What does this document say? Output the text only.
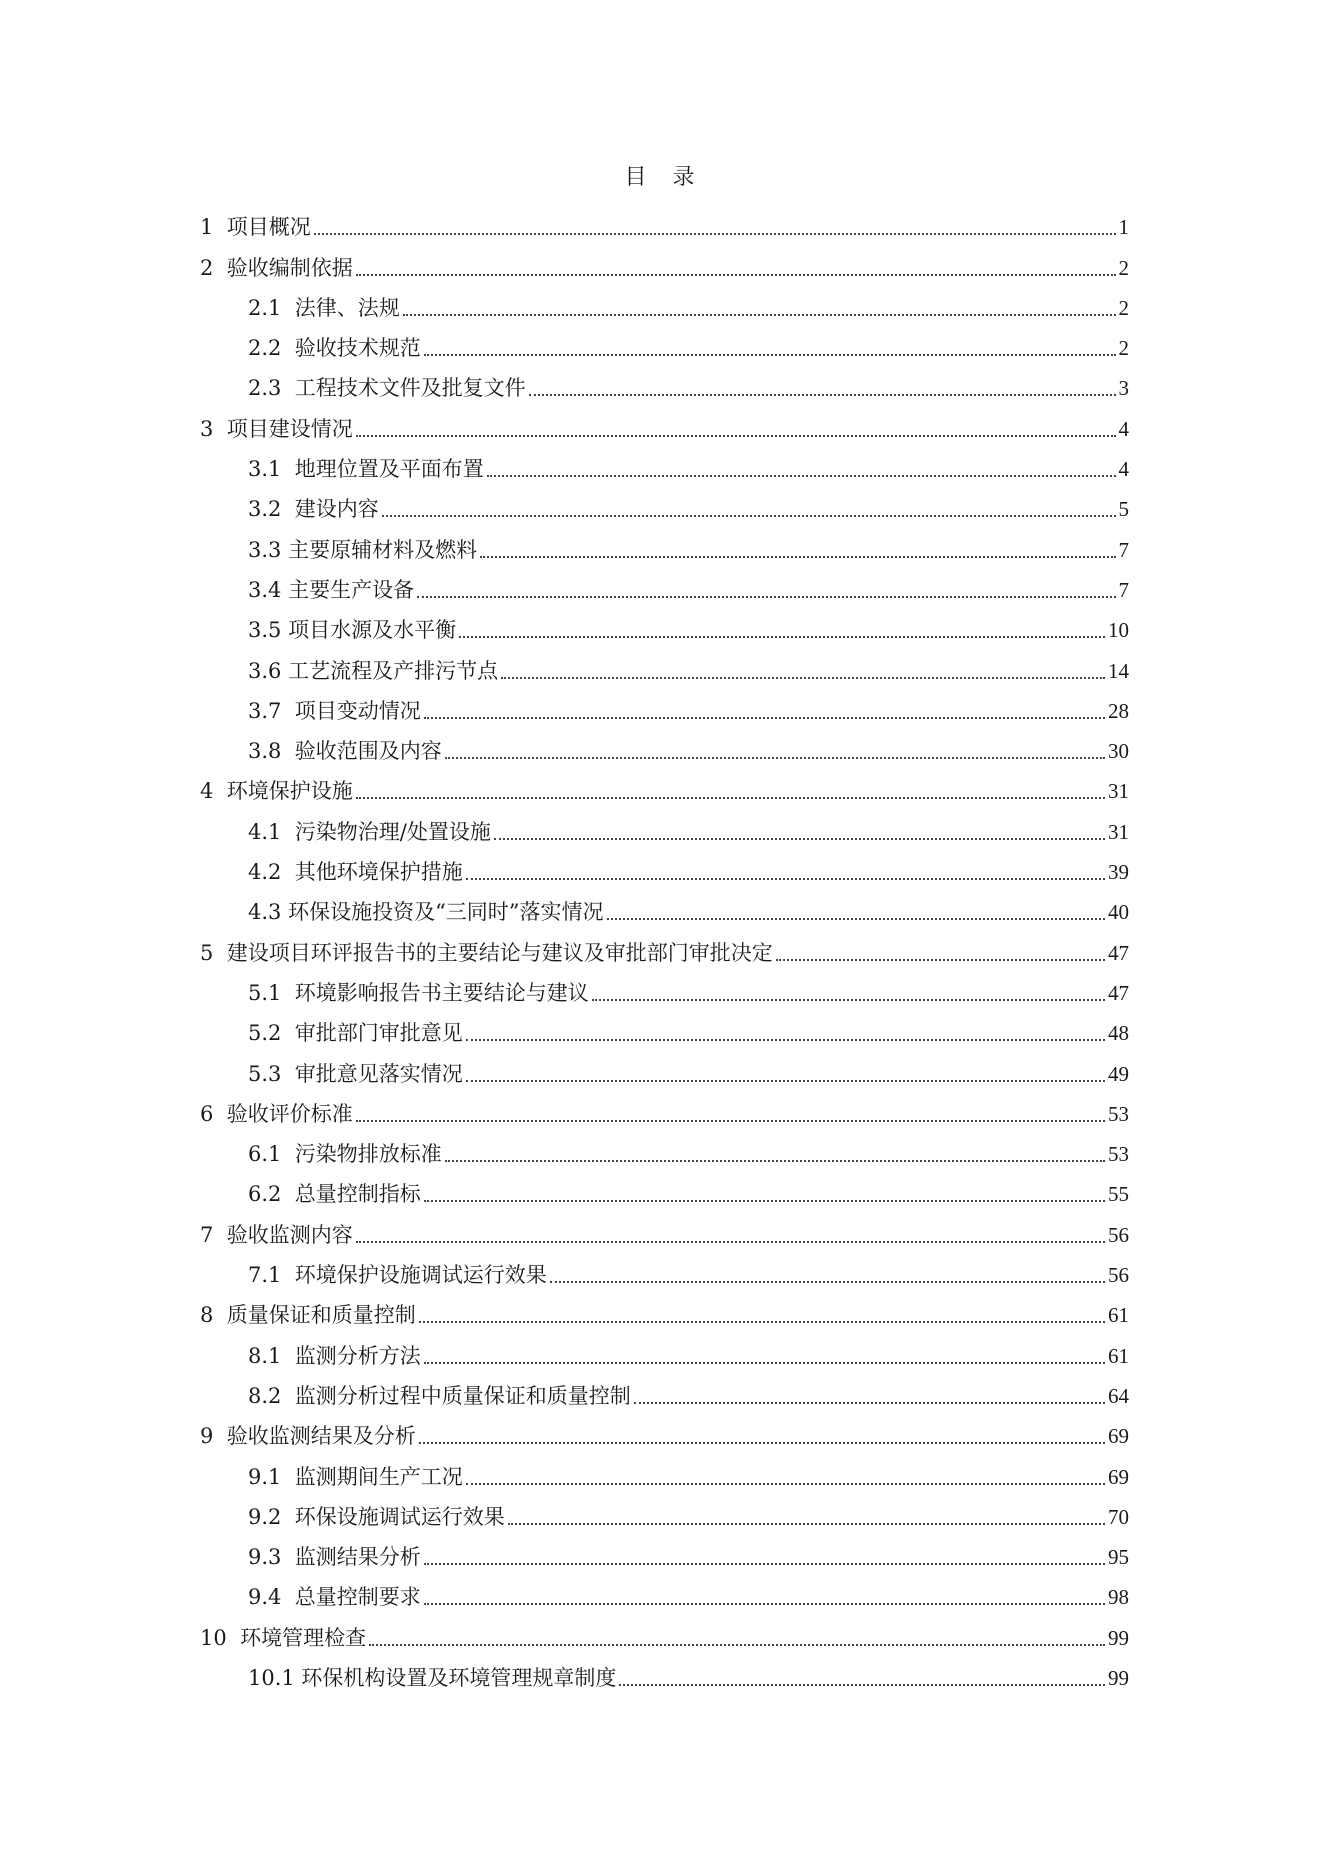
目  录
1  项目概况	1
2  验收编制依据	2
2.1  法律、法规	2
2.2  验收技术规范	2
2.3  工程技术文件及批复文件	3
3  项目建设情况	4
3.1  地理位置及平面布置	4
3.2  建设内容	5
3.3 主要原辅材料及燃料	7
3.4 主要生产设备	7
3.5 项目水源及水平衡	10
3.6 工艺流程及产排污节点	14
3.7  项目变动情况	28
3.8  验收范围及内容	30
4  环境保护设施	31
4.1  污染物治理/处置设施	31
4.2  其他环境保护措施	39
4.3 环保设施投资及“三同时”落实情况	40
5  建设项目环评报告书的主要结论与建议及审批部门审批决定	47
5.1  环境影响报告书主要结论与建议	47
5.2  审批部门审批意见	48
5.3  审批意见落实情况	49
6  验收评价标准	53
6.1  污染物排放标准	53
6.2  总量控制指标	55
7  验收监测内容	56
7.1  环境保护设施调试运行效果	56
8  质量保证和质量控制	61
8.1  监测分析方法	61
8.2  监测分析过程中质量保证和质量控制	64
9  验收监测结果及分析	69
9.1  监测期间生产工况	69
9.2  环保设施调试运行效果	70
9.3  监测结果分析	95
9.4  总量控制要求	98
10  环境管理检查	99
10.1 环保机构设置及环境管理规章制度	99
